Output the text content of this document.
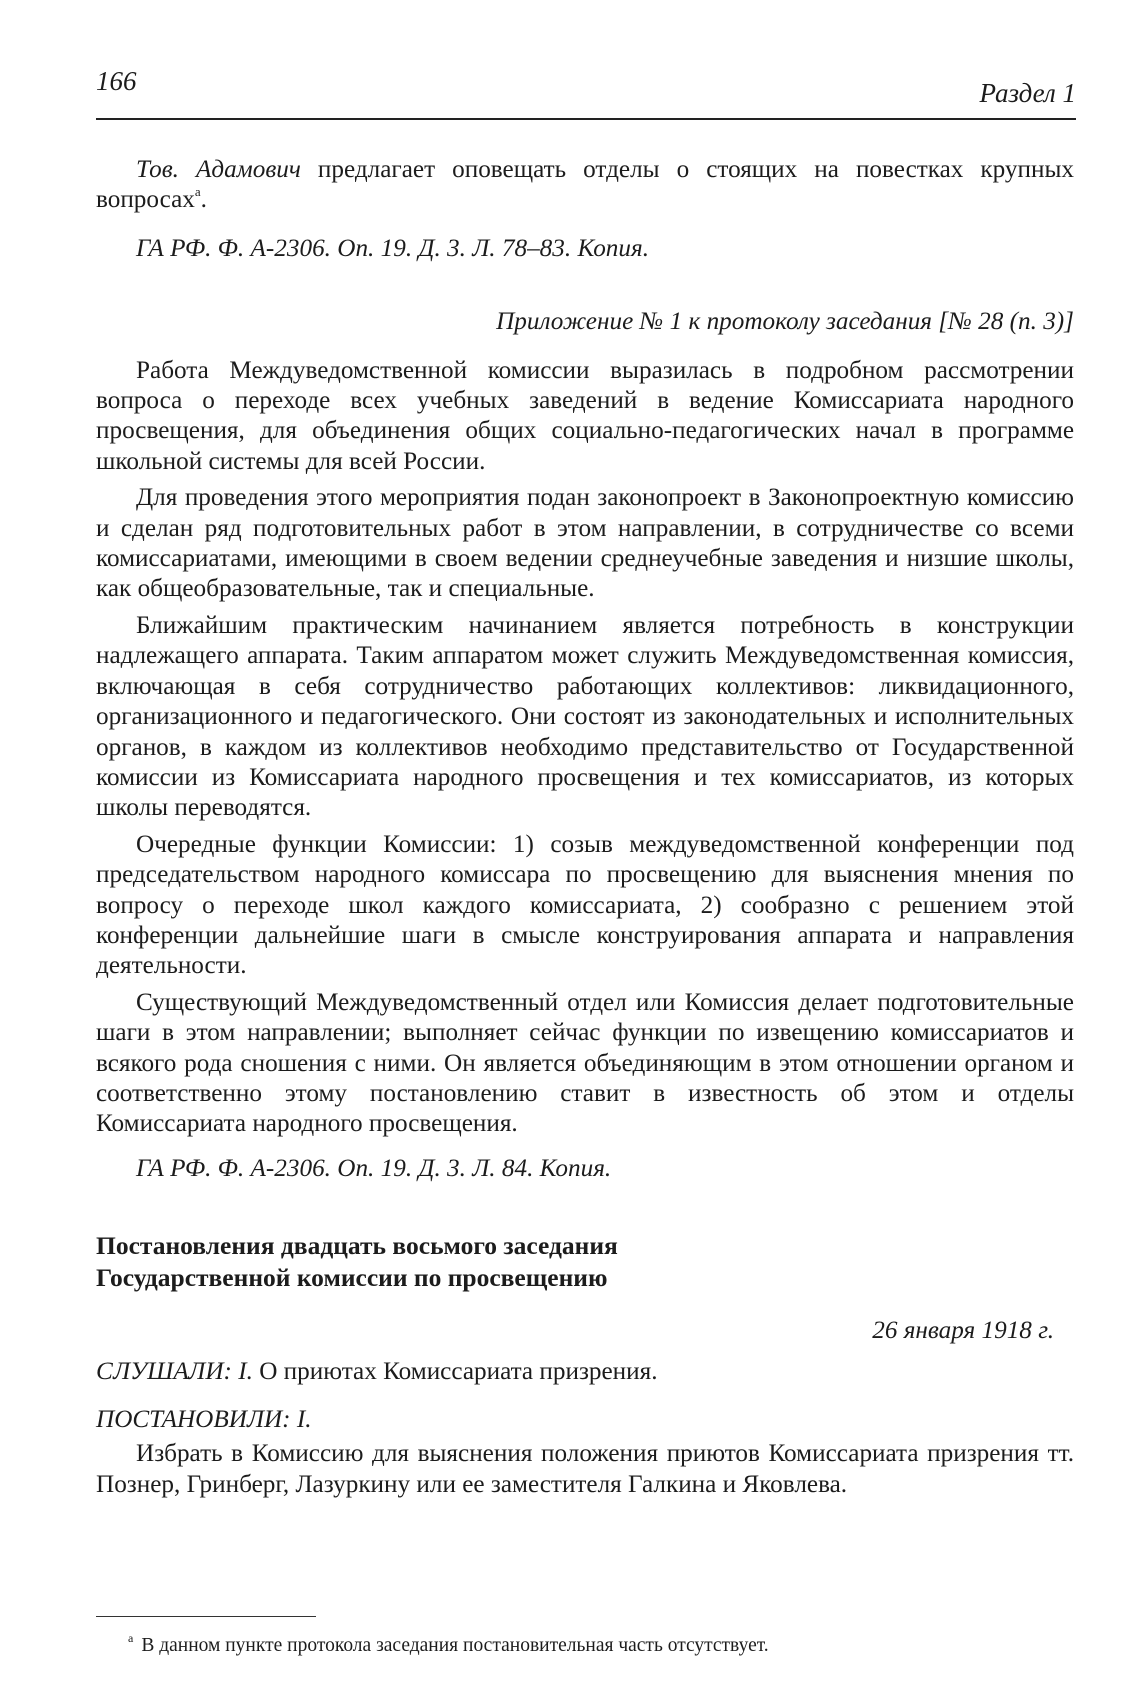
166	Раздел 1

Тов. Адамович предлагает оповещать отделы о стоящих на повестках крупных вопросах$^а$.

ГА РФ. Ф. А-2306. Оп. 19. Д. 3. Л. 78–83. Копия.

Приложение № 1 к протоколу заседания [№ 28 (п. 3)]

Работа Междуведомственной комиссии выразилась в подробном рассмотрении вопроса о переходе всех учебных заведений в ведение Комиссариата народного просвещения, для объединения общих социально-педагогических начал в программе школьной системы для всей России.

Для проведения этого мероприятия подан законопроект в Законопроектную комиссию и сделан ряд подготовительных работ в этом направлении, в сотрудничестве со всеми комиссариатами, имеющими в своем ведении среднеучебные заведения и низшие школы, как общеобразовательные, так и специальные.

Ближайшим практическим начинанием является потребность в конструкции надлежащего аппарата. Таким аппаратом может служить Междуведомственная комиссия, включающая в себя сотрудничество работающих коллективов: ликвидационного, организационного и педагогического. Они состоят из законодательных и исполнительных органов, в каждом из коллективов необходимо представительство от Государственной комиссии из Комиссариата народного просвещения и тех комиссариатов, из которых школы переводятся.

Очередные функции Комиссии: 1) созыв междуведомственной конференции под председательством народного комиссара по просвещению для выяснения мнения по вопросу о переходе школ каждого комиссариата, 2) сообразно с решением этой конференции дальнейшие шаги в смысле конструирования аппарата и направления деятельности.

Существующий Междуведомственный отдел или Комиссия делает подготовительные шаги в этом направлении; выполняет сейчас функции по извещению комиссариатов и всякого рода сношения с ними. Он является объединяющим в этом отношении органом и соответственно этому постановлению ставит в известность об этом и отделы Комиссариата народного просвещения.

ГА РФ. Ф. А-2306. Оп. 19. Д. 3. Л. 84. Копия.

Постановления двадцать восьмого заседания

Государственной комиссии по просвещению

26 января 1918 г.

СЛУШАЛИ: I. О приютах Комиссариата призрения.

ПОСТАНОВИЛИ: I.

Избрать в Комиссию для выяснения положения приютов Комиссариата призрения тт. Познер, Гринберг, Лазуркину или ее заместителя Галкина и Яковлева.

$^а$ В данном пункте протокола заседания постановительная часть отсутствует.
